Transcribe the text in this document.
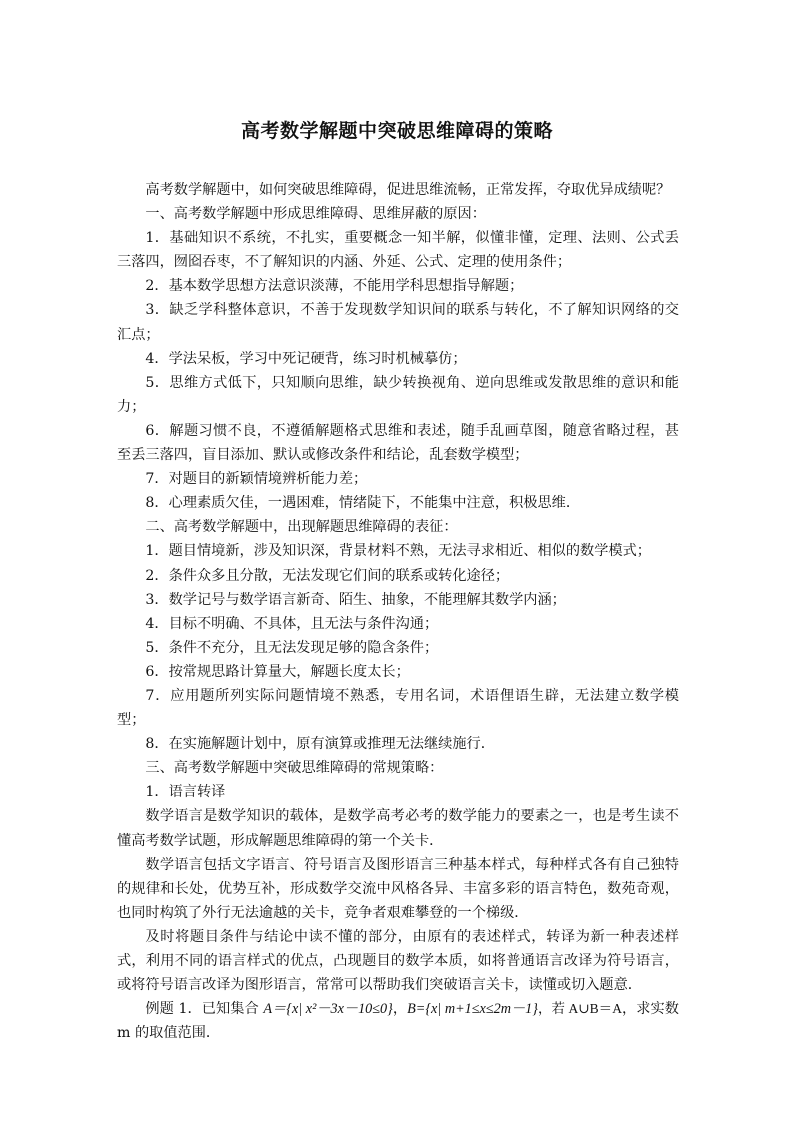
高考数学解题中突破思维障碍的策略

高考数学解题中，如何突破思维障碍，促进思维流畅，正常发挥，夺取优异成绩呢？

一、高考数学解题中形成思维障碍、思维屏蔽的原因：

1．基础知识不系统，不扎实，重要概念一知半解，似懂非懂，定理、法则、公式丢三落四，囫囵吞枣，不了解知识的内涵、外延、公式、定理的使用条件；

2．基本数学思想方法意识淡薄，不能用学科思想指导解题；

3．缺乏学科整体意识，不善于发现数学知识间的联系与转化，不了解知识网络的交汇点；

4．学法呆板，学习中死记硬背，练习时机械摹仿；

5．思维方式低下，只知顺向思维，缺少转换视角、逆向思维或发散思维的意识和能力；

6．解题习惯不良，不遵循解题格式思维和表述，随手乱画草图，随意省略过程，甚至丢三落四，盲目添加、默认或修改条件和结论，乱套数学模型；

7．对题目的新颖情境辨析能力差；

8．心理素质欠佳，一遇困难，情绪陡下，不能集中注意，积极思维．

二、高考数学解题中，出现解题思维障碍的表征：

1．题目情境新，涉及知识深，背景材料不熟，无法寻求相近、相似的数学模式；

2．条件众多且分散，无法发现它们间的联系或转化途径；

3．数学记号与数学语言新奇、陌生、抽象，不能理解其数学内涵；

4．目标不明确、不具体，且无法与条件沟通；

5．条件不充分，且无法发现足够的隐含条件；

6．按常规思路计算量大，解题长度太长；

7．应用题所列实际问题情境不熟悉，专用名词，术语俚语生辟，无法建立数学模型；

8．在实施解题计划中，原有演算或推理无法继续施行．

三、高考数学解题中突破思维障碍的常规策略：

1．语言转译

数学语言是数学知识的载体，是数学高考必考的数学能力的要素之一，也是考生读不懂高考数学试题，形成解题思维障碍的第一个关卡．

数学语言包括文字语言、符号语言及图形语言三种基本样式，每种样式各有自己独特的规律和长处，优势互补，形成数学交流中风格各异、丰富多彩的语言特色，数苑奇观，也同时构筑了外行无法逾越的关卡，竞争者艰难攀登的一个梯级．

及时将题目条件与结论中读不懂的部分，由原有的表述样式，转译为新一种表述样式，利用不同的语言样式的优点，凸现题目的数学本质，如将普通语言改译为符号语言，或将符号语言改译为图形语言，常常可以帮助我们突破语言关卡，读懂或切入题意．

例题 1．已知集合 A＝{x| x²－3x－10≤0}，B={x| m+1≤x≤2m－1}，若 A∪B＝A，求实数 m 的取值范围．
